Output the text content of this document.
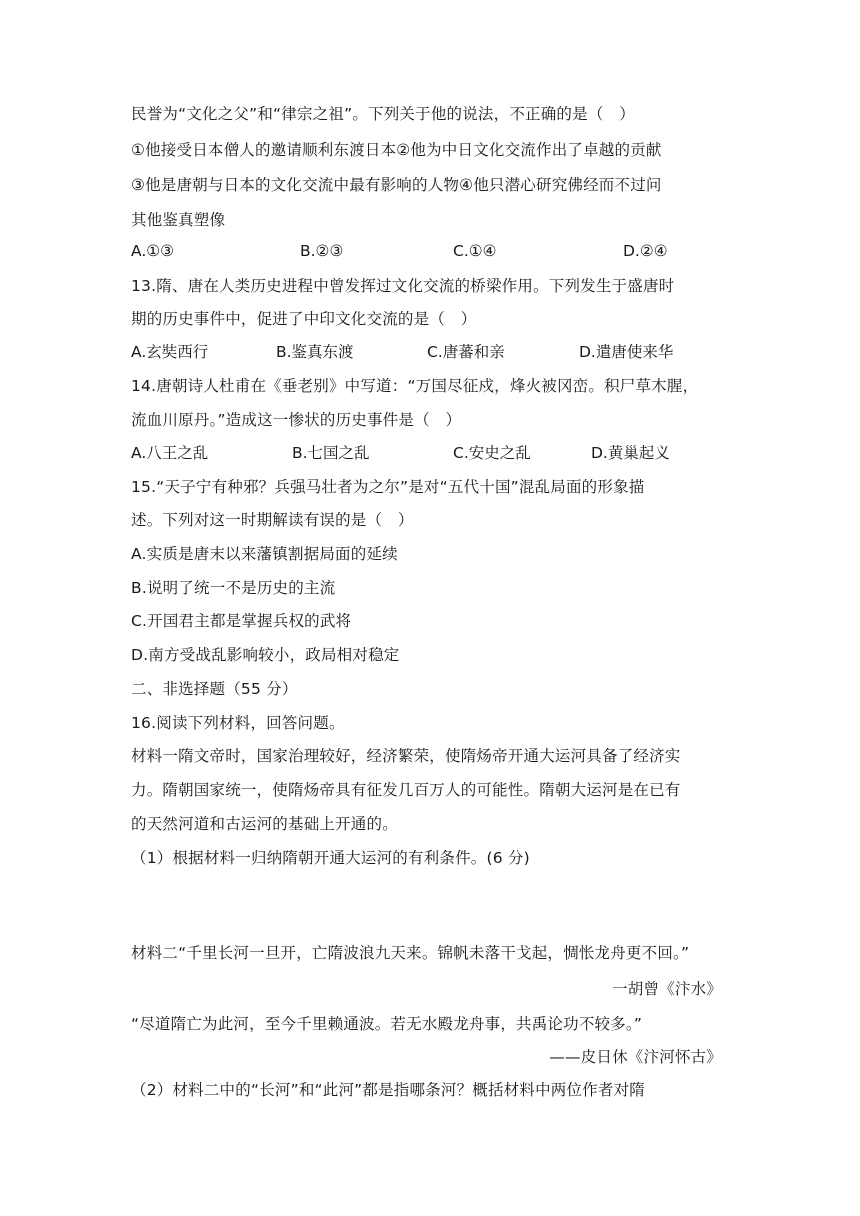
民誉为“文化之父”和“律宗之祖”。下列关于他的说法，不正确的是（　）
①他接受日本僧人的邀请顺利东渡日本②他为中日文化交流作出了卓越的贡献
③他是唐朝与日本的文化交流中最有影响的人物④他只潜心研究佛经而不过问
其他鉴真塑像
A.①③	B.②③	C.①④	D.②④
13.隋、唐在人类历史进程中曾发挥过文化交流的桥梁作用。下列发生于盛唐时
期的历史事件中，促进了中印文化交流的是（　）
A.玄奘西行	B.鉴真东渡	C.唐蕃和亲	D.遣唐使来华
14.唐朝诗人杜甫在《垂老别》中写道：“万国尽征戍，烽火被冈峦。积尸草木腥，
流血川原丹。”造成这一惨状的历史事件是（　）
A.八王之乱	B.七国之乱	C.安史之乱	D.黄巢起义
15.“天子宁有种邪？兵强马壮者为之尔”是对“五代十国”混乱局面的形象描
述。下列对这一时期解读有误的是（　）
A.实质是唐末以来藩镇割据局面的延续
B.说明了统一不是历史的主流
C.开国君主都是掌握兵权的武将
D.南方受战乱影响较小，政局相对稳定
二、非选择题（55 分）
16.阅读下列材料，回答问题。
材料一隋文帝时，国家治理较好，经济繁荣，使隋炀帝开通大运河具备了经济实
力。隋朝国家统一，使隋炀帝具有征发几百万人的可能性。隋朝大运河是在已有
的天然河道和古运河的基础上开通的。
（1）根据材料一归纳隋朝开通大运河的有利条件。(6 分)
材料二“千里长河一旦开，亡隋波浪九天来。锦帆未落干戈起，惆怅龙舟更不回。”
一胡曾《汴水》
“尽道隋亡为此河，至今千里赖通波。若无水殿龙舟事，共禹论功不较多。”
——皮日休《汴河怀古》
（2）材料二中的“长河”和“此河”都是指哪条河？概括材料中两位作者对隋
